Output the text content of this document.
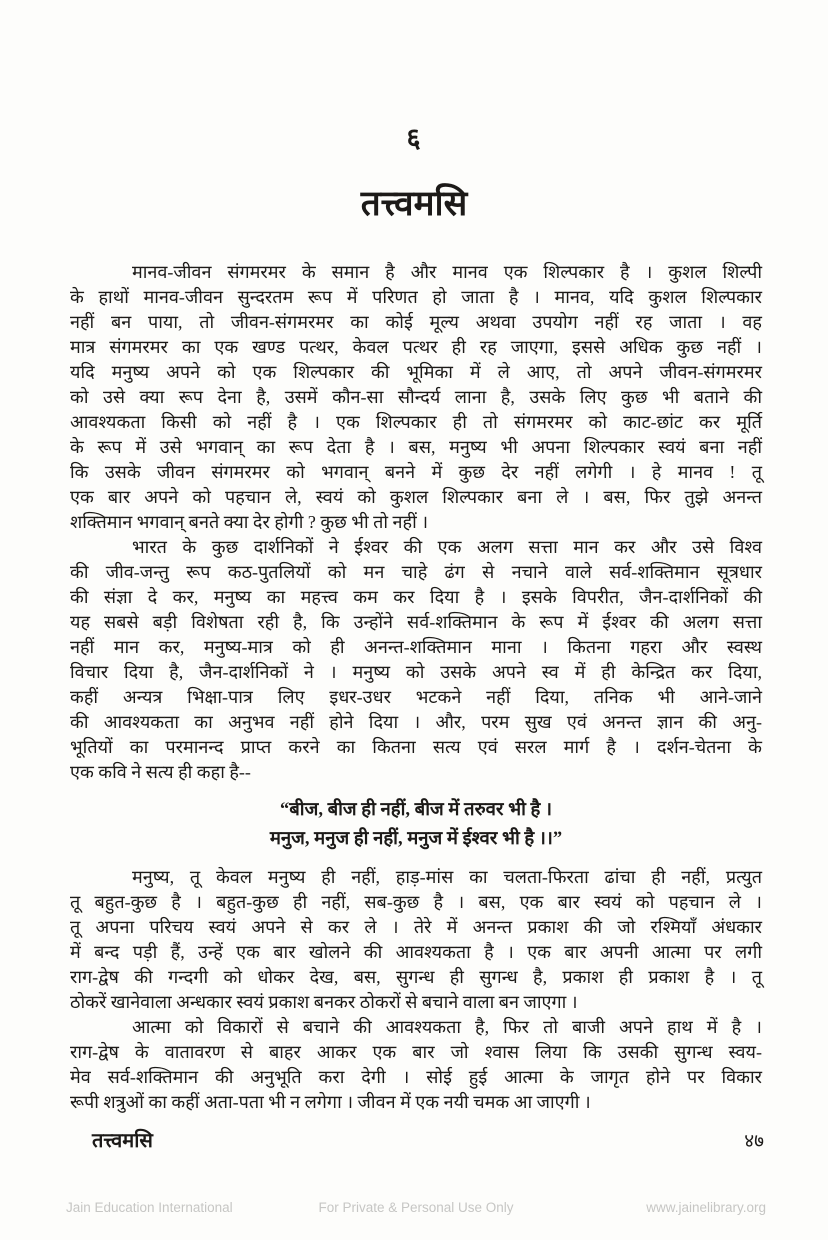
६
तत्त्वमसि
मानव-जीवन संगमरमर के समान है और मानव एक शिल्पकार है । कुशल शिल्पी
के हाथों मानव-जीवन सुन्दरतम रूप में परिणत हो जाता है । मानव, यदि कुशल शिल्पकार
नहीं बन पाया, तो जीवन-संगमरमर का कोई मूल्य अथवा उपयोग नहीं रह जाता । वह
मात्र संगमरमर का एक खण्ड पत्थर, केवल पत्थर ही रह जाएगा, इससे अधिक कुछ नहीं ।
यदि मनुष्य अपने को एक शिल्पकार की भूमिका में ले आए, तो अपने जीवन-संगमरमर
को उसे क्या रूप देना है, उसमें कौन-सा सौन्दर्य लाना है, उसके लिए कुछ भी बताने की
आवश्यकता किसी को नहीं है । एक शिल्पकार ही तो संगमरमर को काट-छांट कर मूर्ति
के रूप में उसे भगवान् का रूप देता है । बस, मनुष्य भी अपना शिल्पकार स्वयं बना नहीं
कि उसके जीवन संगमरमर को भगवान् बनने में कुछ देर नहीं लगेगी । हे मानव ! तू
एक बार अपने को पहचान ले, स्वयं को कुशल शिल्पकार बना ले । बस, फिर तुझे अनन्त
शक्तिमान भगवान् बनते क्या देर होगी ? कुछ भी तो नहीं ।
भारत के कुछ दार्शनिकों ने ईश्वर की एक अलग सत्ता मान कर और उसे विश्व
की जीव-जन्तु रूप कठ-पुतलियों को मन चाहे ढंग से नचाने वाले सर्व-शक्तिमान सूत्रधार
की संज्ञा दे कर, मनुष्य का महत्त्व कम कर दिया है । इसके विपरीत, जैन-दार्शनिकों की
यह सबसे बड़ी विशेषता रही है, कि उन्होंने सर्व-शक्तिमान के रूप में ईश्वर की अलग सत्ता
नहीं मान कर, मनुष्य-मात्र को ही अनन्त-शक्तिमान माना । कितना गहरा और स्वस्थ
विचार दिया है, जैन-दार्शनिकों ने । मनुष्य को उसके अपने स्व में ही केन्द्रित कर दिया,
कहीं अन्यत्र भिक्षा-पात्र लिए इधर-उधर भटकने नहीं दिया, तनिक भी आने-जाने
की आवश्यकता का अनुभव नहीं होने दिया । और, परम सुख एवं अनन्त ज्ञान की अनु-
भूतियों का परमानन्द प्राप्त करने का कितना सत्य एवं सरल मार्ग है । दर्शन-चेतना के
एक कवि ने सत्य ही कहा है--
“बीज, बीज ही नहीं, बीज में तरुवर भी है ।
मनुज, मनुज ही नहीं, मनुज में ईश्वर भी है ।।”
मनुष्य, तू केवल मनुष्य ही नहीं, हाड़-मांस का चलता-फिरता ढांचा ही नहीं, प्रत्युत
तू बहुत-कुछ है । बहुत-कुछ ही नहीं, सब-कुछ है । बस, एक बार स्वयं को पहचान ले ।
तू अपना परिचय स्वयं अपने से कर ले । तेरे में अनन्त प्रकाश की जो रश्मियाँ अंधकार
में बन्द पड़ी हैं, उन्हें एक बार खोलने की आवश्यकता है । एक बार अपनी आत्मा पर लगी
राग-द्वेष की गन्दगी को धोकर देख, बस, सुगन्ध ही सुगन्ध है, प्रकाश ही प्रकाश है । तू
ठोकरें खानेवाला अन्धकार स्वयं प्रकाश बनकर ठोकरों से बचाने वाला बन जाएगा ।
आत्मा को विकारों से बचाने की आवश्यकता है, फिर तो बाजी अपने हाथ में है ।
राग-द्वेष के वातावरण से बाहर आकर एक बार जो श्वास लिया कि उसकी सुगन्ध स्वय-
मेव सर्व-शक्तिमान की अनुभूति करा देगी । सोई हुई आत्मा के जागृत होने पर विकार
रूपी शत्रुओं का कहीं अता-पता भी न लगेगा । जीवन में एक नयी चमक आ जाएगी ।
तत्त्वमसि	४७
For Private & Personal Use Only
Jain Education International	www.jainelibrary.org
